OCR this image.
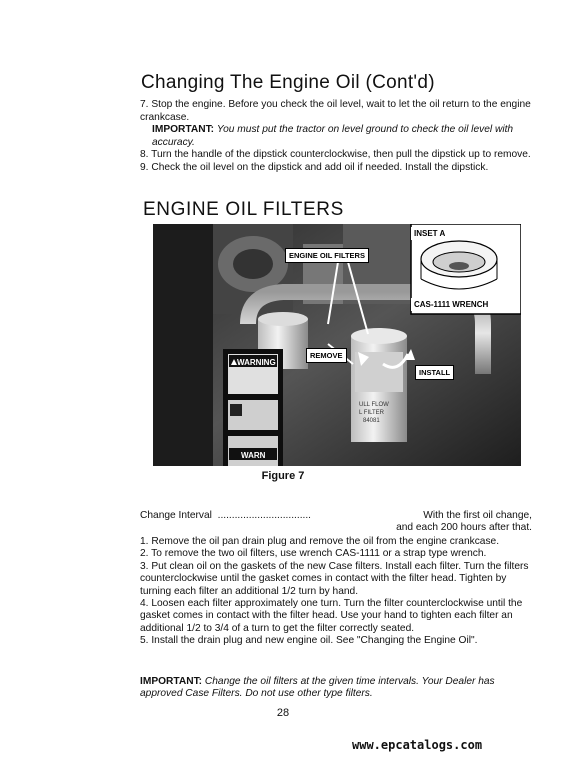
Changing The Engine Oil (Cont'd)

7. Stop the engine. Before you check the oil level, wait to let the oil return to the engine crankcase.

IMPORTANT: You must put the tractor on level ground to check the oil level with accuracy.

8. Turn the handle of the dipstick counterclockwise, then pull the dipstick up to remove.

9. Check the oil level on the dipstick and add oil if needed. Install the dipstick.

ENGINE OIL FILTERS
ULL FLOW
L FILTER
84081
WARNING
WARN
INSET A
CAS-1111 WRENCH
ENGINE OIL FILTERS
REMOVE
INSTALL
Figure 7

Change Interval .................................	With the first oil change,

and each 200 hours after that.

1. Remove the oil pan drain plug and remove the oil from the engine crankcase.

2. To remove the two oil filters, use wrench CAS-1111 or a strap type wrench.

3. Put clean oil on the gaskets of the new Case filters. Install each filter. Turn the filters counterclockwise until the gasket comes in contact with the filter head. Tighten by turning each filter an additional 1/2 turn by hand.

4. Loosen each filter approximately one turn. Turn the filter counterclockwise until the gasket comes in contact with the filter head. Use your hand to tighten each filter an additional 1/2 to 3/4 of a turn to get the filter correctly seated.

5. Install the drain plug and new engine oil. See "Changing the Engine Oil".

IMPORTANT: Change the oil filters at the given time intervals. Your Dealer has approved Case Filters. Do not use other type filters.

28
www.epcatalogs.com
